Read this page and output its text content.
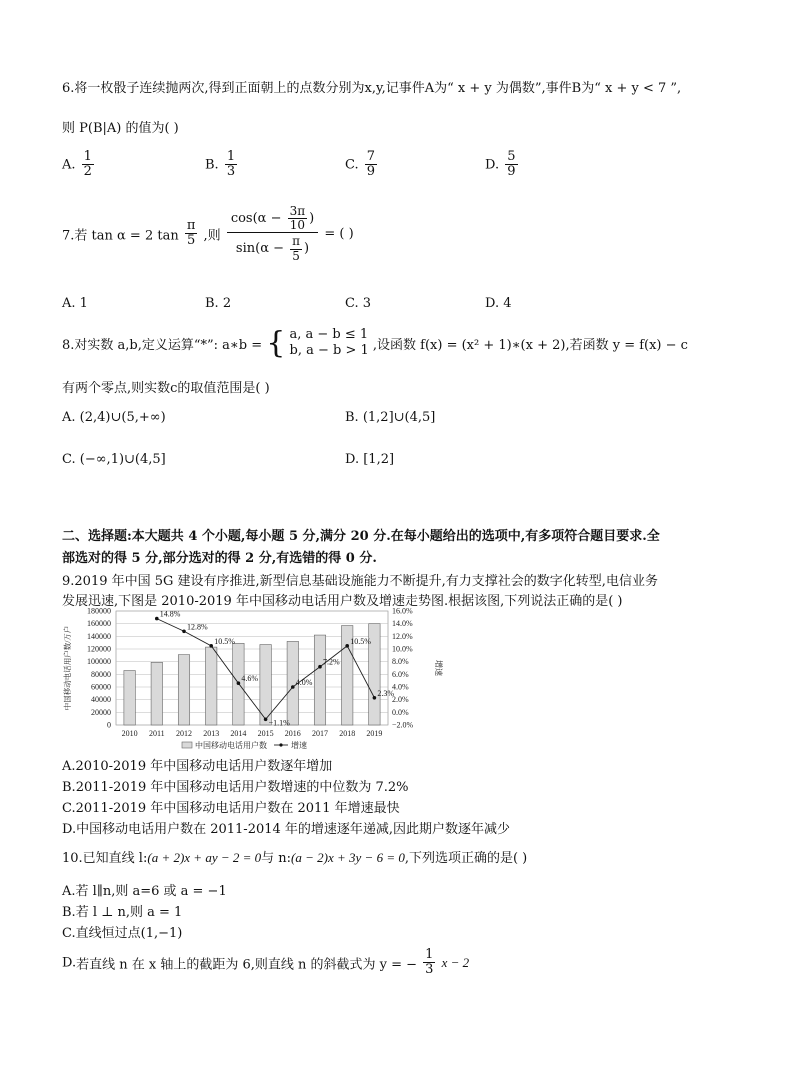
6.将一枚骰子连续抛两次,得到正面朝上的点数分别为x,y,记事件A为“ x + y 为偶数”,事件B为“ x + y < 7 ”,
则 P(B|A) 的值为( )
A. $\frac{1}{2}$	B. $\frac{1}{3}$	C. $\frac{7}{9}$	D. $\frac{5}{9}$
7.若 tan α = 2 $\tan \frac{\pi}{5}$ ,则 $\frac{\cos(\alpha - \frac{3\pi}{10} )}{\sin(\alpha - \frac{\pi}{5} )}$ = ( )
A. 1	B. 2	C. 3	D. 4
8.对实数 a,b,定义运算“*”: a∗b = { a, a − b ≤ 1
b, a − b > 1 ,设函数 f(x) = (x² + 1)∗(x + 2),若函数 y = f(x) − c
有两个零点,则实数c的取值范围是( )
A. (2,4)∪(5,+∞)	B. (1,2]∪(4,5]
C. (−∞,1)∪(4,5]	D. [1,2]
二、选择题:本大题共 4 个小题,每小题 5 分,满分 20 分.在每小题给出的选项中,有多项符合题目要求.全
部选对的得 5 分,部分选对的得 2 分,有选错的得 0 分.
9.2019 年中国 5G 建设有序推进,新型信息基础设施能力不断提升,有力支撑社会的数字化转型,电信业务
发展迅速,下图是 2010-2019 年中国移动电话用户数及增速走势图.根据该图,下列说法正确的是( )
14.8%
12.8%
10.5%
4.6%
−1.1%
4.0%
7.2%
10.5%
2.3%
180000	16.0%
160000	14.0%
140000	12.0%
120000	10.0%
100000	8.0%
80000	6.0%
60000	4.0%
40000	2.0%
20000	0.0%
0	−2.0%
2010 2011 2012 2013 2014 2015 2016 2017 2018 2019
中国移动电话用户数/万户	增速
中国移动电话用户数	增速
A.2010-2019 年中国移动电话用户数逐年增加
B.2011-2019 年中国移动电话用户数增速的中位数为 7.2%
C.2011-2019 年中国移动电话用户数在 2011 年增速最快
D.中国移动电话用户数在 2011-2014 年的增速逐年递减,因此期户数逐年减少
10.已知直线 l:(a + 2)x + ay − 2 = 0与 n:(a − 2)x + 3y − 6 = 0,下列选项正确的是( )
A.若 l∥n,则 a=6 或 a = −1
B.若 l ⊥ n,则 a = 1
C.直线恒过点(1,−1)
D.若直线 n 在 x 轴上的截距为 6,则直线 n 的斜截式为 y = − $\frac{1}{3}$ x − 2
